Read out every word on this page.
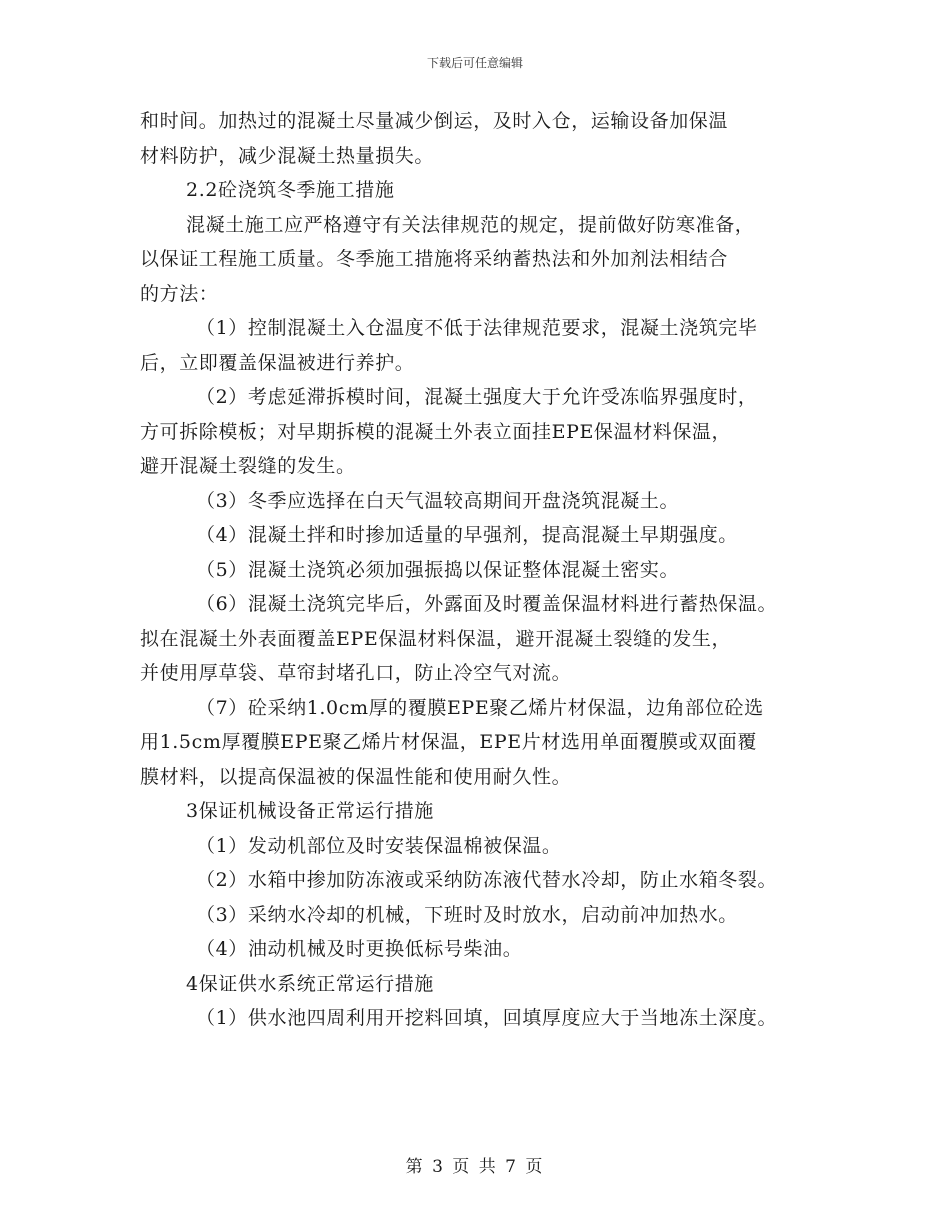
下载后可任意编辑
和时间。加热过的混凝土尽量减少倒运，及时入仓，运输设备加保温
材料防护，减少混凝土热量损失。
2.2砼浇筑冬季施工措施
混凝土施工应严格遵守有关法律规范的规定，提前做好防寒准备，
以保证工程施工质量。冬季施工措施将采纳蓄热法和外加剂法相结合
的方法：
（1）控制混凝土入仓温度不低于法律规范要求，混凝土浇筑完毕
后，立即覆盖保温被进行养护。
（2）考虑延滞拆模时间，混凝土强度大于允许受冻临界强度时，
方可拆除模板；对早期拆模的混凝土外表立面挂EPE保温材料保温，
避开混凝土裂缝的发生。
（3）冬季应选择在白天气温较高期间开盘浇筑混凝土。
（4）混凝土拌和时掺加适量的早强剂，提高混凝土早期强度。
（5）混凝土浇筑必须加强振捣以保证整体混凝土密实。
（6）混凝土浇筑完毕后，外露面及时覆盖保温材料进行蓄热保温。
拟在混凝土外表面覆盖EPE保温材料保温，避开混凝土裂缝的发生，
并使用厚草袋、草帘封堵孔口，防止冷空气对流。
（7）砼采纳1.0cm厚的覆膜EPE聚乙烯片材保温，边角部位砼选
用1.5cm厚覆膜EPE聚乙烯片材保温，EPE片材选用单面覆膜或双面覆
膜材料，以提高保温被的保温性能和使用耐久性。
3保证机械设备正常运行措施
（1）发动机部位及时安装保温棉被保温。
（2）水箱中掺加防冻液或采纳防冻液代替水冷却，防止水箱冬裂。
（3）采纳水冷却的机械，下班时及时放水，启动前冲加热水。
（4）油动机械及时更换低标号柴油。
4保证供水系统正常运行措施
（1）供水池四周利用开挖料回填，回填厚度应大于当地冻土深度。
第 3 页 共 7 页
